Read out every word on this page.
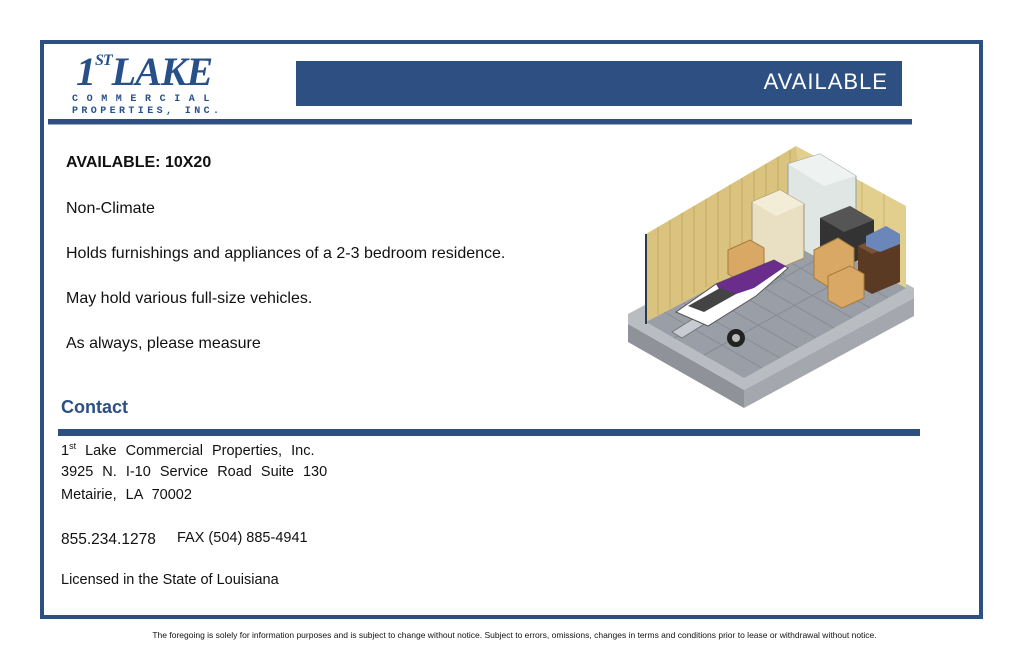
1STLAKE
COMMERCIAL
PROPERTIES, INC.
AVAILABLE
AVAILABLE: 10X20
Non-Climate
Holds furnishings and appliances of a 2-3 bedroom residence.
May hold various full-size vehicles.
As always, please measure
Contact
1st Lake Commercial Properties, Inc.
3925 N. I-10 Service Road Suite 130
Metairie, LA 70002
855.234.1278 FAX (504) 885-4941
Licensed in the State of Louisiana
The foregoing is solely for information purposes and is subject to change without notice. Subject to errors, omissions, changes in terms and conditions prior to lease or withdrawal without notice.
